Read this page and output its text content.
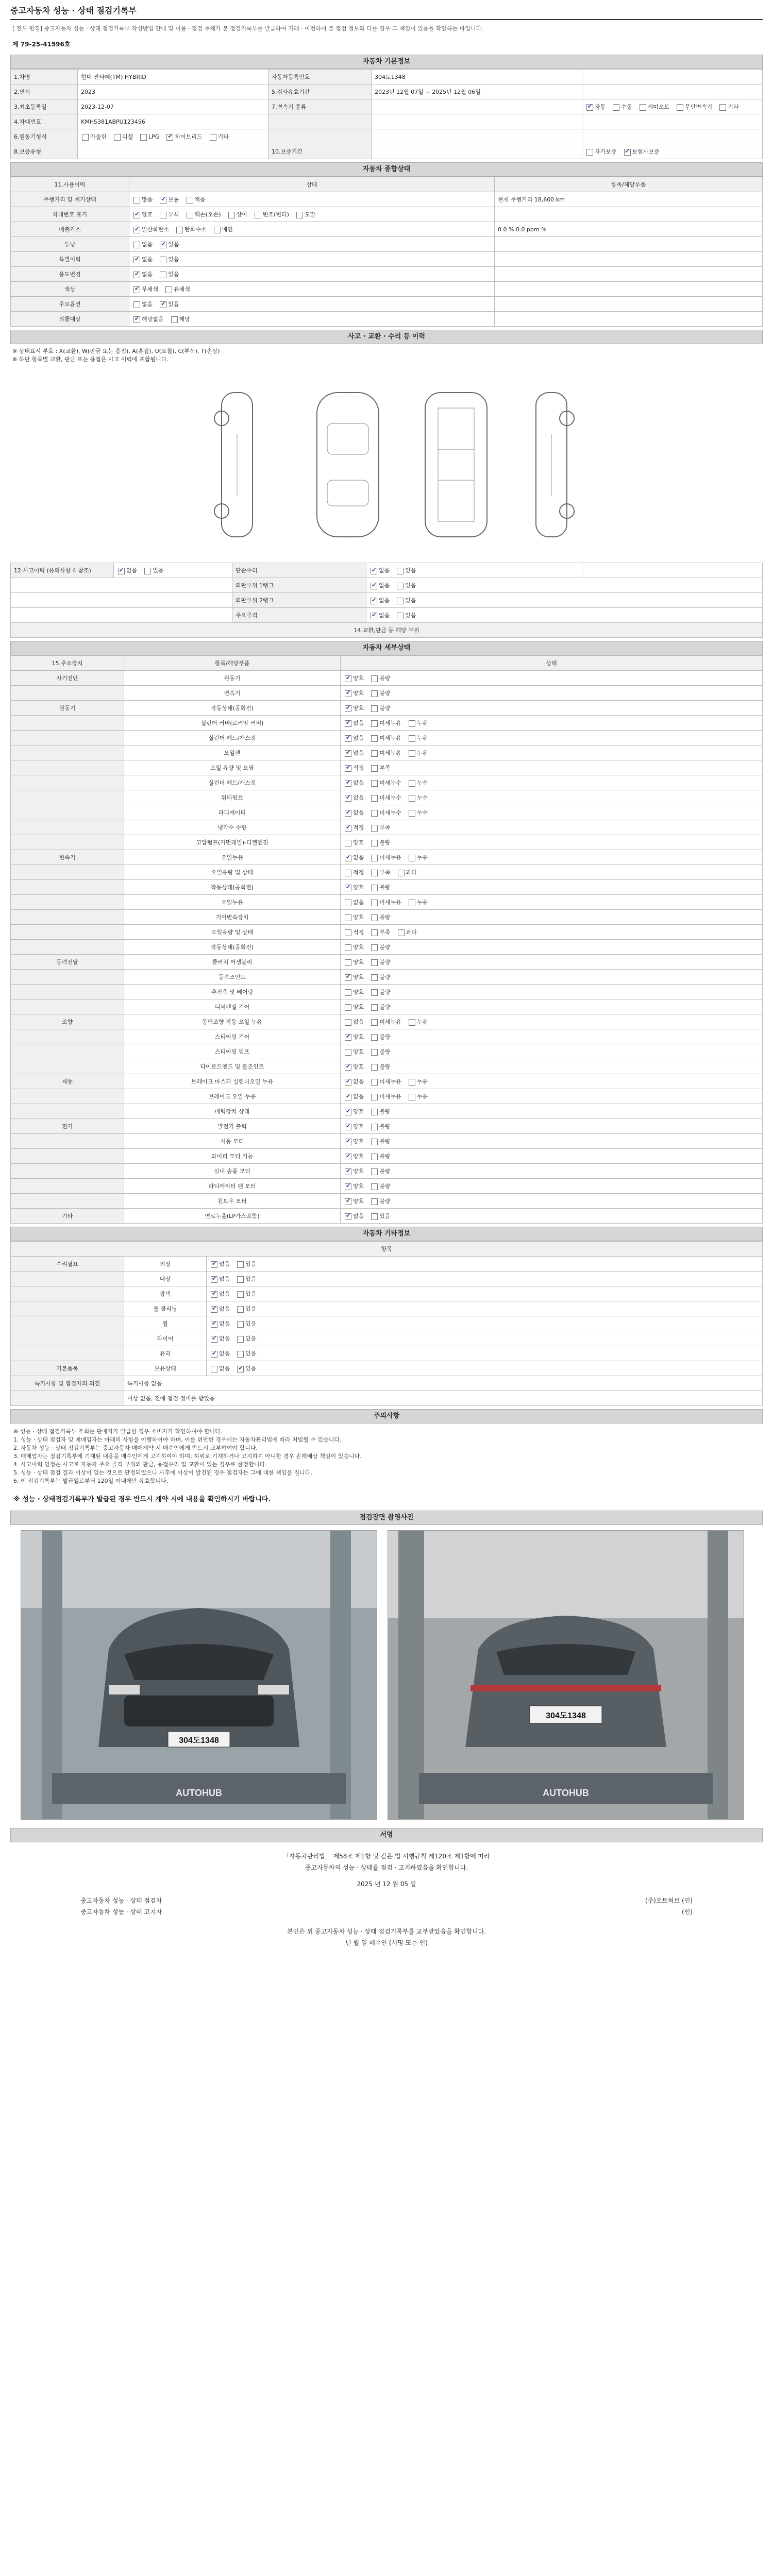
중고자동차 성능 · 상태 점검기록부
[ 전사 편집] 중고자동차 성능 · 상태 점검기록부 작성방법 안내 및 이용 · 점검 주체가 본 점검기록부를 발급하여 거래 · 이전하며 본 점검 정보와 다를 경우 그 책임이 있음을 확인하는 바입니다.
제 79-25-41596호
자동차 기본정보
1.차명	현대 싼타페(TM) HYBRID	자동차등록번호	304도1348	
2.연식	2023	5.검사유효기간	2023년 12월 07일 ~ 2025년 12월 06일	
3.최초등록일	2023-12-07	7.변속기 종류		✔자동 수동 세미오토 무단변속기 기타
4.차대번호	KMHS381ABPU123456			
6.원동기형식	가솔린 디젤 LPG ✔ 하이브리드 기타			
8.보증유형		10.보증기간		자가보증 ✔ 보험사보증
자동차 종합상태
11.사용이력	상태	항목/해당부품
주행거리 및 계기상태	많음 ✔ 보통 적음	현재 주행거리 18,600 km
차대번호 표기	✔양호 부식 훼손(오손) 상이 변조(변타) 도말	
배출가스	✔일산화탄소 탄화수소 매연	0.0 % 0.0 ppm %
튜닝	없음 ✔ 있음	
특별이력	✔없음 있음	
용도변경	✔없음 있음	
색상	✔무채색 유채색	
주요옵션	없음 ✔ 있음	
리콜대상	✔해당없음 해당	
사고 · 교환 · 수리 등 이력
※ 상태표시 부호 : X(교환), W(판금 또는 용접), A(흠집), U(요철), C(부식), T(손상)
※ 하단 항목별 교환, 판금 또는 용접은 사고 이력에 포함됩니다.
12.사고이력 (유의사항 4 참조)	✔없음 있음	단순수리	✔없음 있음	
		외판부위 1랭크	✔없음 있음
		외판부위 2랭크	✔없음 있음
		주요골격	✔없음 있음
14.교환,판금 등 해당 부위				
자동차 세부상태
15.주요장치	항목/해당부품	상태
자기진단	원동기	✔양호 불량
	변속기	✔양호 불량
원동기	작동상태(공회전)	✔양호 불량
	실린더 커버(로커암 커버)	✔없음 미세누유 누유
	실린더 헤드/개스킷	✔없음 미세누유 누유
	오일팬	✔없음 미세누유 누유
	오일 유량 및 오염	✔적정 부족
	실린더 헤드/개스킷	✔없음 미세누수 누수
	워터펌프	✔없음 미세누수 누수
	라디에이터	✔없음 미세누수 누수
	냉각수 수량	✔적정 부족
	고압펌프(커먼레일)-디젤엔진	양호 불량
변속기	오일누유	✔없음 미세누유 누유
	오일유량 및 상태	적정 부족 과다
	작동상태(공회전)	✔양호 불량
	오일누유	없음 미세누유 누유
	기어변속장치	양호 불량
	오일유량 및 상태	적정 부족 과다
	작동상태(공회전)	양호 불량
동력전달	클러치 어셈블리	양호 불량
	등속조인트	✔양호 불량
	추진축 및 베어링	양호 불량
	디퍼렌셜 기어	양호 불량
조향	동력조향 작동 오일 누유	없음 미세누유 누유
	스티어링 기어	✔양호 불량
	스티어링 펌프	양호 불량
	타이로드엔드 및 볼조인트	✔양호 불량
제동	브레이크 마스터 실린더오일 누유	✔없음 미세누유 누유
	브레이크 오일 누유	✔없음 미세누유 누유
	배력장치 상태	✔양호 불량
전기	발전기 출력	✔양호 불량
	시동 모터	✔양호 불량
	와이퍼 모터 기능	✔양호 불량
	실내 송풍 모터	✔양호 불량
	라디에이터 팬 모터	✔양호 불량
	윈도우 모터	✔양호 불량
기타	연료누출(LP가스포함)	✔없음 있음
자동차 기타정보
항목		
수리필요	외장	✔없음 있음
	내장	✔없음 있음
	광택	✔없음 있음
	룸 클리닝	✔없음 있음
	휠	✔없음 있음
	타이어	✔없음 있음
	유리	✔없음 있음
기본품목	보유상태	없음 ✔ 있음
특기사항 및 점검자의 의견	특기사항 없음	
	이상 없음, 전에 점검 정비를 받았음	
주의사항
※ 성능 · 상태 점검기록부 조회는 판매자가 발급한 경우 소비자가 확인하여야 합니다.
1. 성능 · 상태 점검자 및 매매업자는 아래의 사항을 이행하여야 하며, 이를 위반한 경우에는 자동차관리법에 따라 처벌될 수 있습니다.
2. 자동차 성능 · 상태 점검기록부는 중고자동차 매매계약 시 매수인에게 반드시 교부하여야 합니다.
3. 매매업자는 점검기록부에 기재된 내용을 매수인에게 고지하여야 하며, 허위로 기재하거나 고지하지 아니한 경우 손해배상 책임이 있습니다.
4. 사고이력 인정은 사고로 자동차 주요 골격 부위의 판금, 용접수리 및 교환이 있는 경우로 한정합니다.
5. 성능 · 상태 점검 결과 이상이 없는 것으로 판정되었으나 사후에 이상이 발견된 경우 점검자는 그에 대한 책임을 집니다.
6. 이 점검기록부는 발급일로부터 120일 이내에만 유효합니다.
※ 성능 · 상태점검기록부가 발급된 경우 반드시 계약 시에 내용을 확인하시기 바랍니다.
점검장면 촬영사진
304도1348
AUTOHUB
304도1348
AUTOHUB
서명
「자동차관리법」 제58조 제1항 및 같은 법 시행규칙 제120조 제1항에 따라
중고자동차의 성능 · 상태를 점검 · 고지하였음을 확인합니다.
2025 년 12 월 05 일
중고자동차 성능 · 상태 점검자	(주)오토허브 (인)
중고자동차 성능 · 상태 고지자	(인)
본인은 위 중고자동차 성능 · 상태 점검기록부를 교부받았음을 확인합니다.
년 월 일 매수인 (서명 또는 인)
